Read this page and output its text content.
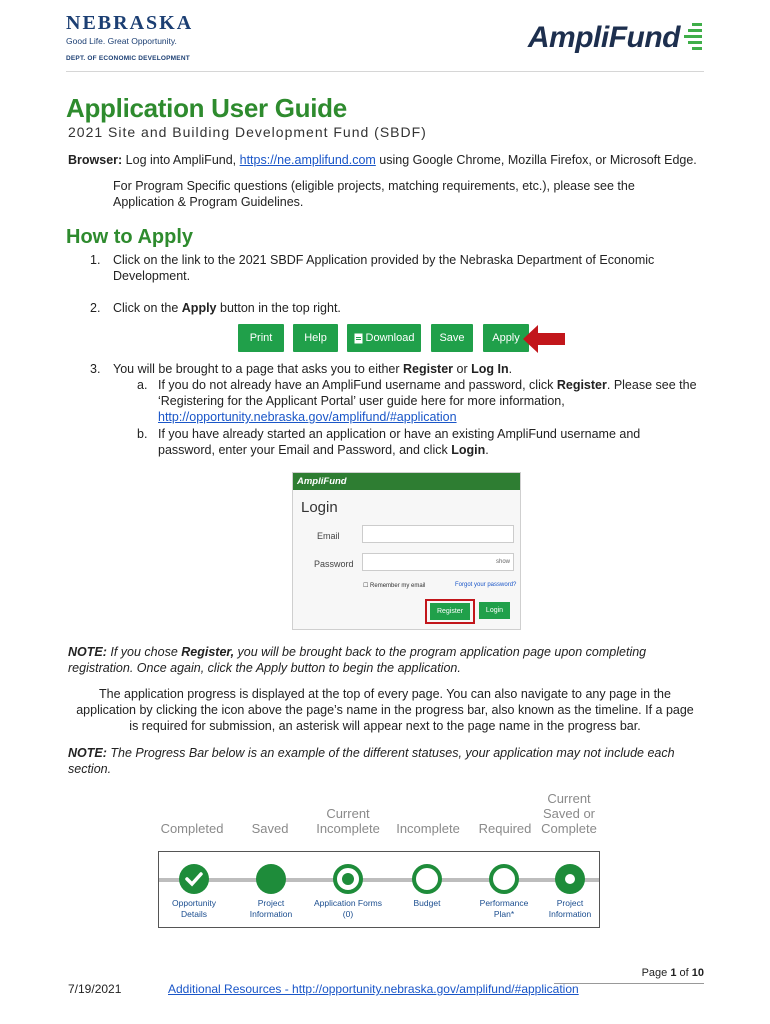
NEBRASKA
Good Life. Great Opportunity.
DEPT. OF ECONOMIC DEVELOPMENT
AmpliFund
Application User Guide
2021 Site and Building Development Fund (SBDF)
Browser: Log into AmpliFund, https://ne.amplifund.com using Google Chrome, Mozilla Firefox, or Microsoft Edge.
For Program Specific questions (eligible projects, matching requirements, etc.), please see the
Application & Program Guidelines.
How to Apply
1. Click on the link to the 2021 SBDF Application provided by the Nebraska Department of Economic
Development.
2. Click on the Apply button in the top right.
Print	Help	Download	Save	Apply
3. You will be brought to a page that asks you to either Register or Log In.
a. If you do not already have an AmpliFund username and password, click Register. Please see the
‘Registering for the Applicant Portal’ user guide here for more information,
http://opportunity.nebraska.gov/amplifund/#application
b. If you have already started an application or have an existing AmpliFund username and
password, enter your Email and Password, and click Login.
AmpliFund
Login
Email
Password	show
☐ Remember my email	Forgot your password?
Register	Login
NOTE: If you chose Register, you will be brought back to the program application page upon completing
registration. Once again, click the Apply button to begin the application.
The application progress is displayed at the top of every page. You can also navigate to any page in the
application by clicking the icon above the page’s name in the progress bar, also known as the timeline. If a page
is required for submission, an asterisk will appear next to the page name in the progress bar.
NOTE: The Progress Bar below is an example of the different statuses, your application may not include each
section.
Completed	Saved
Current Incomplete	Incomplete	Required
Current Saved or Complete
Opportunity Details
Project Information
Application Forms (0)
Budget	Performance Plan*
Project Information
Page 1 of 10
7/19/2021	Additional Resources - http://opportunity.nebraska.gov/amplifund/#application
